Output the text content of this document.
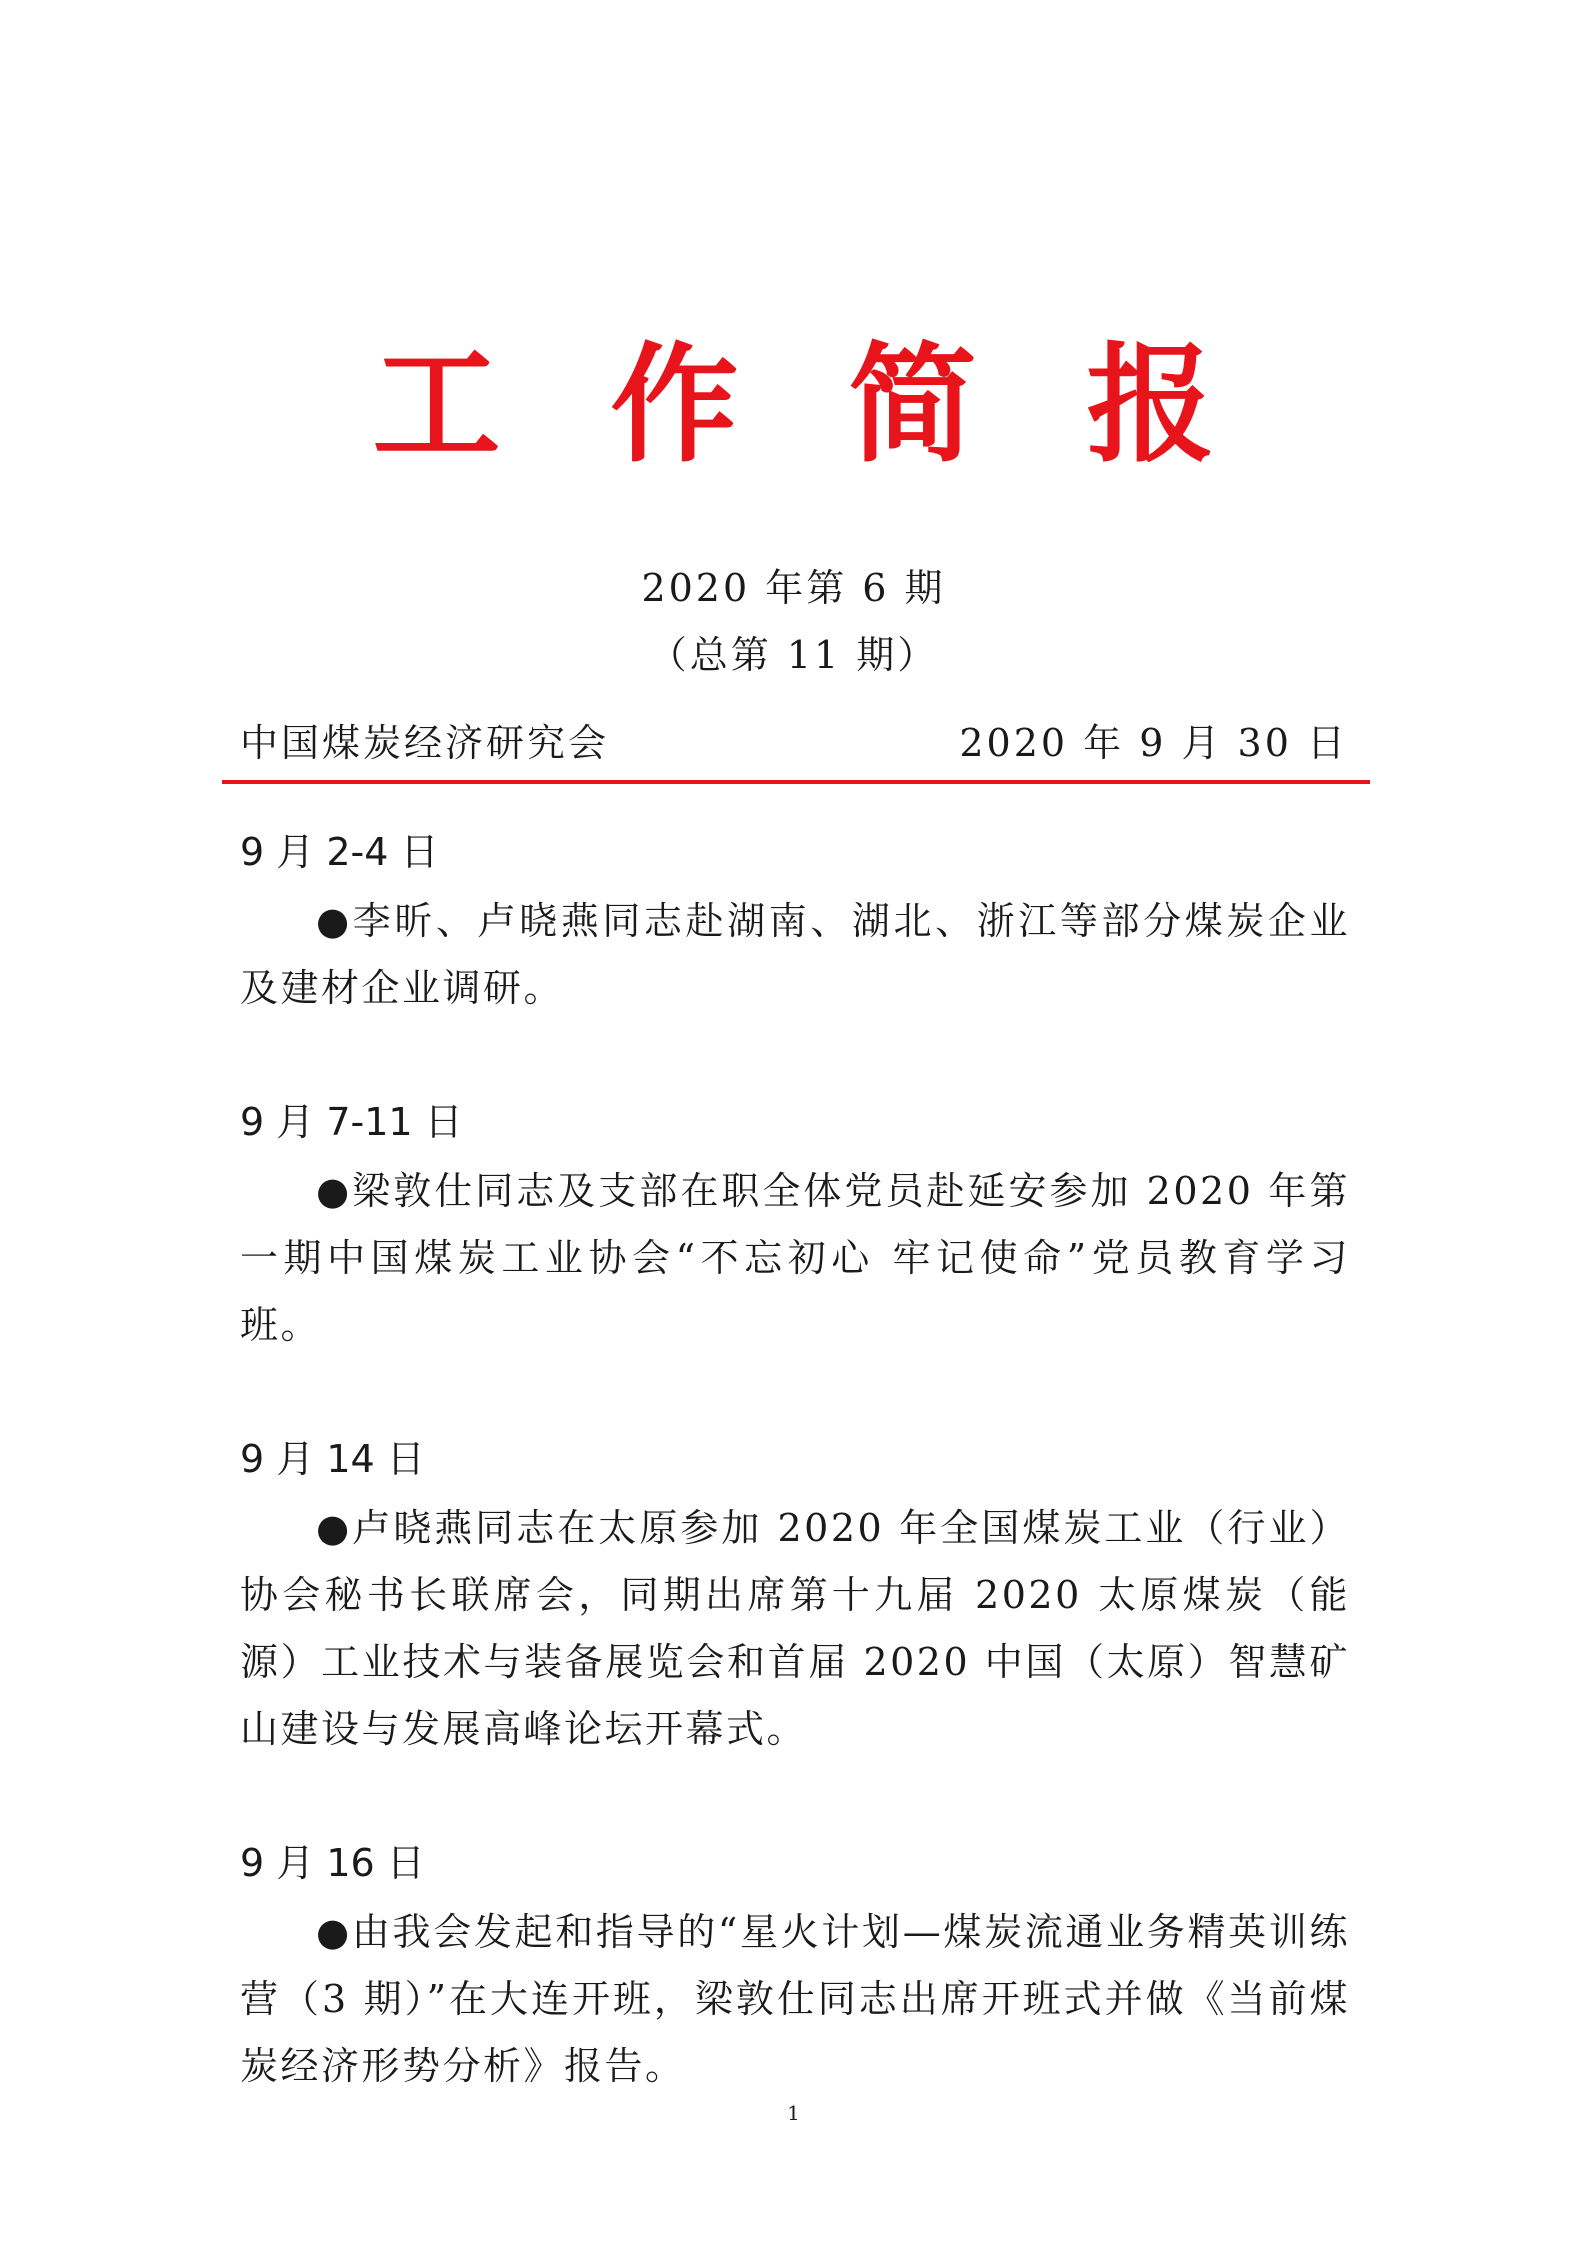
工 作 简 报
2020 年第 6 期
（总第 11 期）
中国煤炭经济研究会	2020 年 9 月 30 日
9 月 2-4 日

●李昕、卢晓燕同志赴湖南、湖北、浙江等部分煤炭企业及建材企业调研。

9 月 7-11 日

●梁敦仕同志及支部在职全体党员赴延安参加 2020 年第一期中国煤炭工业协会“不忘初心 牢记使命”党员教育学习班。

9 月 14 日

●卢晓燕同志在太原参加 2020 年全国煤炭工业（行业）协会秘书长联席会，同期出席第十九届 2020 太原煤炭（能源）工业技术与装备展览会和首届 2020 中国（太原）智慧矿山建设与发展高峰论坛开幕式。

9 月 16 日

●由我会发起和指导的“星火计划—煤炭流通业务精英训练营（3 期）”在大连开班，梁敦仕同志出席开班式并做《当前煤炭经济形势分析》报告。

1
